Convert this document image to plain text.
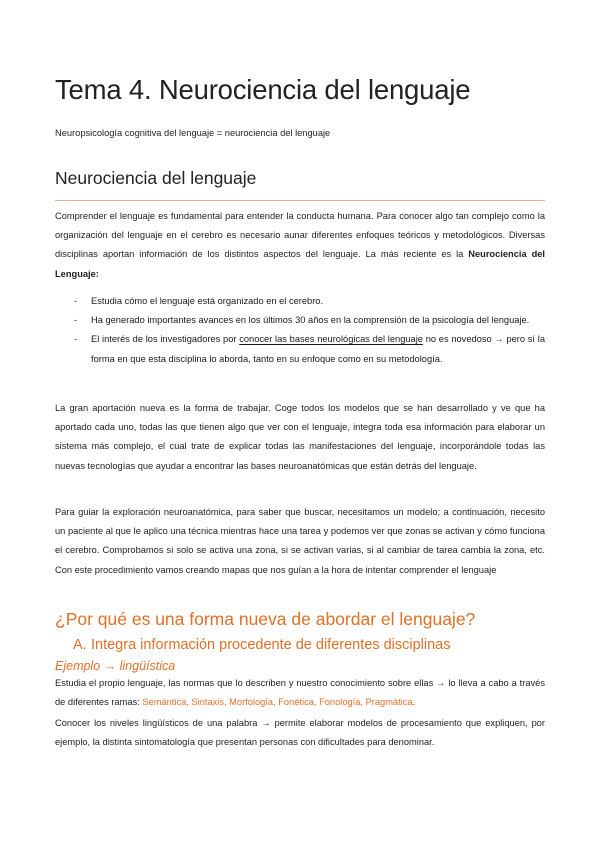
Tema 4. Neurociencia del lenguaje

Neuropsicología cognitiva del lenguaje = neurociencia del lenguaje

Neurociencia del lenguaje

Comprender el lenguaje es fundamental para entender la conducta humana. Para conocer algo tan complejo como la organización del lenguaje en el cerebro es necesario aunar diferentes enfoques teóricos y metodológicos. Diversas disciplinas aportan información de los distintos aspectos del lenguaje. La más reciente es la Neurociencia del Lenguaje:

- Estudia cómo el lenguaje está organizado en el cerebro.
- Ha generado importantes avances en los últimos 30 años en la comprensión de la psicología del lenguaje.
- El interés de los investigadores por conocer las bases neurológicas del lenguaje no es novedoso → pero sí la forma en que esta disciplina lo aborda, tanto en su enfoque como en su metodología.

La gran aportación nueva es la forma de trabajar. Coge todos los modelos que se han desarrollado y ve que ha aportado cada uno, todas las que tienen algo que ver con el lenguaje, integra toda esa información para elaborar un sistema más complejo, el cual trate de explicar todas las manifestaciones del lenguaje, incorporándole todas las nuevas tecnologías que ayudar a encontrar las bases neuroanatómicas que están detrás del lenguaje.

Para guiar la exploración neuroanatómica, para saber que buscar, necesitamos un modelo; a continuación, necesito un paciente al que le aplico una técnica mientras hace una tarea y podemos ver que zonas se activan y cómo funciona el cerebro. Comprobamos si solo se activa una zona, si se activan varias, si al cambiar de tarea cambia la zona, etc. Con este procedimiento vamos creando mapas que nos guían a la hora de intentar comprender el lenguaje

¿Por qué es una forma nueva de abordar el lenguaje?
A. Integra información procedente de diferentes disciplinas
Ejemplo → lingüística

Estudia el propio lenguaje, las normas que lo describen y nuestro conocimiento sobre ellas → lo lleva a cabo a través de diferentes ramas: Semántica, Sintaxis, Morfología, Fonética, Fonología, Pragmática.

Conocer los niveles lingüísticos de una palabra → permite elaborar modelos de procesamiento que expliquen, por ejemplo, la distinta sintomatología que presentan personas con dificultades para denominar.
